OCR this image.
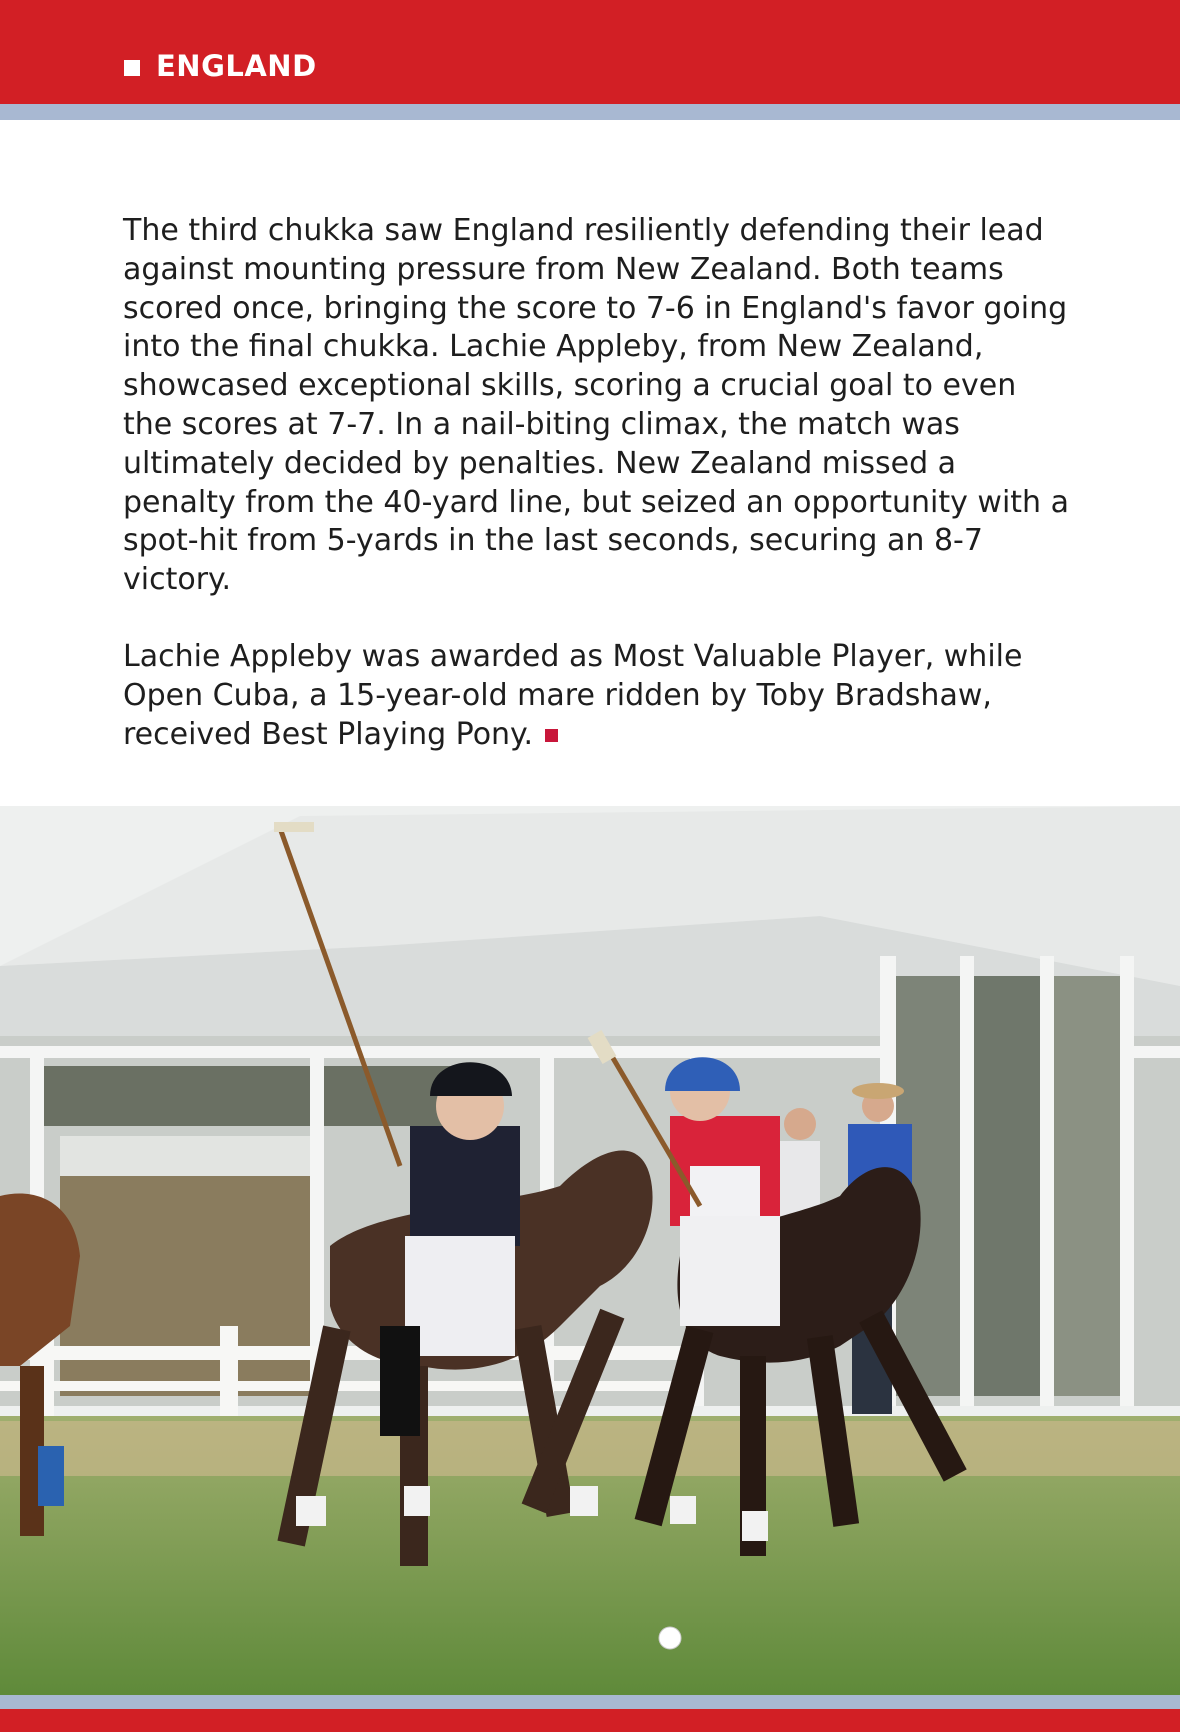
ENGLAND

The third chukka saw England resiliently defending their lead against mounting pressure from New Zealand. Both teams scored once, bringing the score to 7-6 in England's favor going into the final chukka. Lachie Appleby, from New Zealand, showcased exceptional skills, scoring a crucial goal to even the scores at 7-7. In a nail-biting climax, the match was ultimately decided by penalties. New Zealand missed a penalty from the 40-yard line, but seized an opportunity with a spot-hit from 5-yards in the last seconds, securing an 8-7 victory.

Lachie Appleby was awarded as Most Valuable Player, while Open Cuba, a 15-year-old mare ridden by Toby Bradshaw, received Best Playing Pony.
